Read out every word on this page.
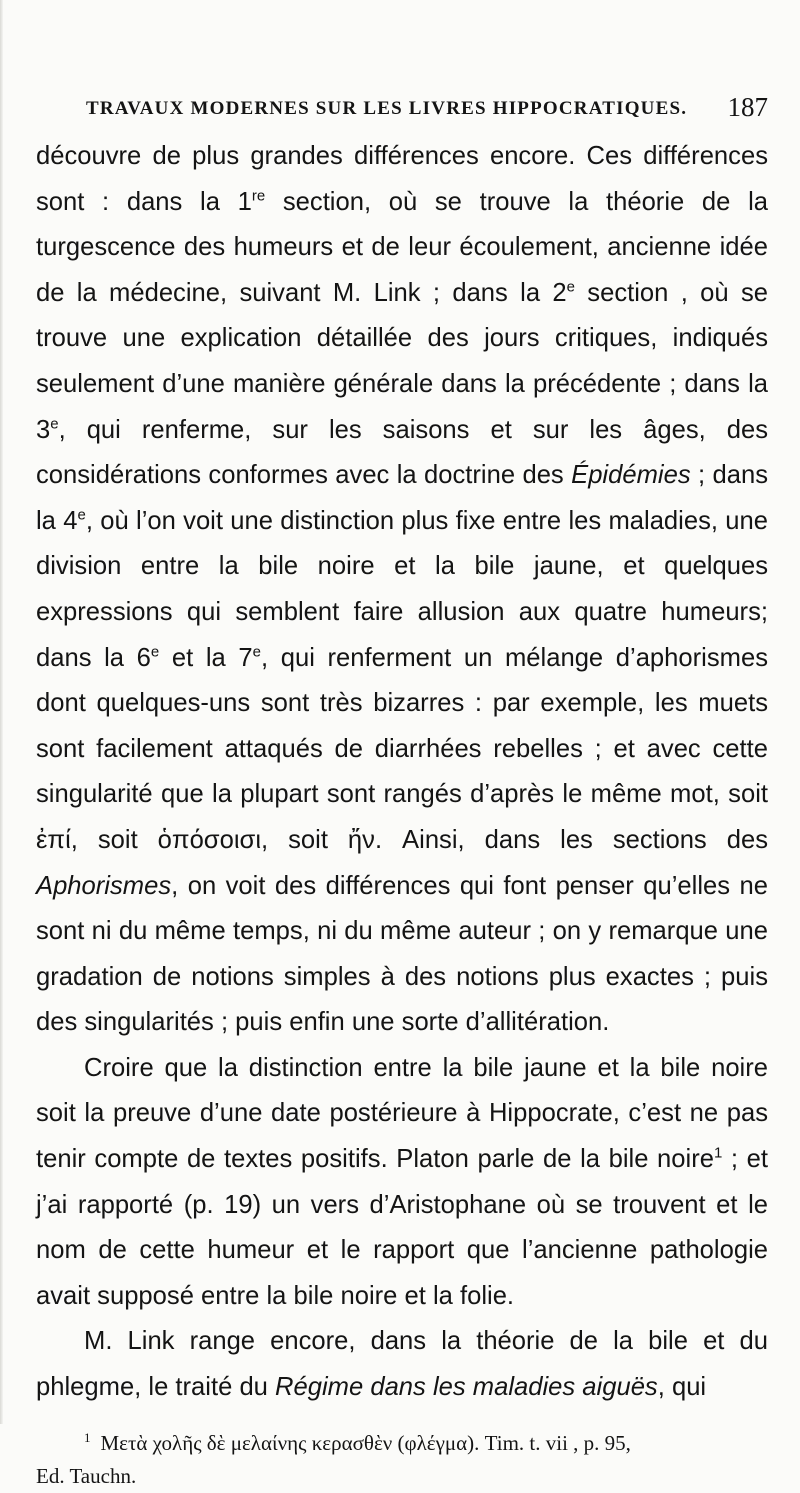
TRAVAUX MODERNES SUR LES LIVRES HIPPOCRATIQUES. 187

découvre de plus grandes différences encore. Ces différences sont : dans la 1re section, où se trouve la théorie de la turgescence des humeurs et de leur écoulement, ancienne idée de la médecine, suivant M. Link ; dans la 2e section , où se trouve une explication détaillée des jours critiques, indiqués seulement d’une manière générale dans la précédente ; dans la 3e, qui renferme, sur les saisons et sur les âges, des considérations conformes avec la doctrine des Épidémies ; dans la 4e, où l’on voit une distinction plus fixe entre les maladies, une division entre la bile noire et la bile jaune, et quelques expressions qui semblent faire allusion aux quatre humeurs; dans la 6e et la 7e, qui renferment un mélange d’aphorismes dont quelques-uns sont très bizarres : par exemple, les muets sont facilement attaqués de diarrhées rebelles ; et avec cette singularité que la plupart sont rangés d’après le même mot, soit ἐπί, soit ὁπόσοισι, soit ἤν. Ainsi, dans les sections des Aphorismes, on voit des différences qui font penser qu’elles ne sont ni du même temps, ni du même auteur ; on y remarque une gradation de notions simples à des notions plus exactes ; puis des singularités ; puis enfin une sorte d’allitération.

Croire que la distinction entre la bile jaune et la bile noire soit la preuve d’une date postérieure à Hippocrate, c’est ne pas tenir compte de textes positifs. Platon parle de la bile noire$^1$ ; et j’ai rapporté (p. 19) un vers d’Aristophane où se trouvent et le nom de cette humeur et le rapport que l’ancienne pathologie avait supposé entre la bile noire et la folie.

M. Link range encore, dans la théorie de la bile et du phlegme, le traité du Régime dans les maladies aiguës, qui

$^1$ Μετὰ χολῆς δὲ μελαίνης κερασθὲν (φλέγμα). Tim. t. vii , p. 95,
Ed. Tauchn.
